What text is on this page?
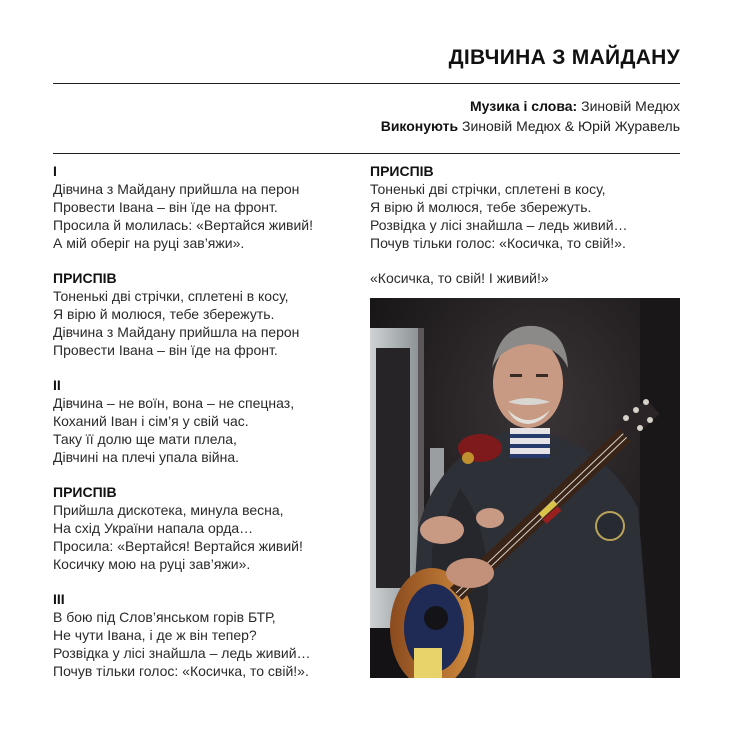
ДІВЧИНА З МАЙДАНУ
Музика і слова: Зиновій Медюх
Виконують Зиновій Медюх & Юрій Журавель
I
Дівчина з Майдану прийшла на перон
Провести Івана – він їде на фронт.
Просила й молилась: «Вертайся живий!
А мій оберіг на руці зав’яжи».
ПРИСПІВ
Тоненькі дві стрічки, сплетені в косу,
Я вірю й молюся, тебе збережуть.
Дівчина з Майдану прийшла на перон
Провести Івана – він їде на фронт.
II
Дівчина – не воїн, вона – не спецназ,
Коханий Іван і сім’я у свій час.
Таку її долю ще мати плела,
Дівчині на плечі упала війна.
ПРИСПІВ
Прийшла дискотека, минула весна,
На схід України напала орда…
Просила: «Вертайся! Вертайся живий!
Косичку мою на руці зав’яжи».
III
В бою під Слов’янськом горів БТР,
Не чути Івана, і де ж він тепер?
Розвідка у лісі знайшла – ледь живий…
Почув тільки голос: «Косичка, то свій!».
ПРИСПІВ
Тоненькі дві стрічки, сплетені в косу,
Я вірю й молюся, тебе збережуть.
Розвідка у лісі знайшла – ледь живий…
Почув тільки голос: «Косичка, то свій!».
«Косичка, то свій! І живий!»
